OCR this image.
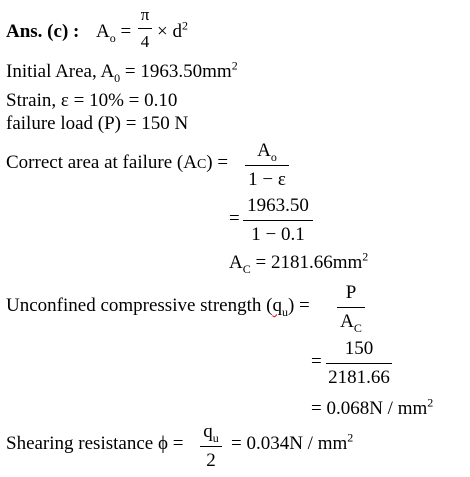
Ans. (c) : $A_o$ =
π
$4 \times d^2$
Initial Area, $A_0 = 1963.50mm^2$
Strain, ε = 10% = 0.10
failure load (P) = 150 N
Correct area at failure (AC) =
$A_o$
1 − ε
=
1963.50
1 − 0.1
$A_C = 2181.66mm^2$
Unconfined compressive strength $(q_u)$ =
P
$A_C$
=
150
2181.66
= $0.068N / mm^2$
Shearing resistance ϕ =
$q_u$
2
= $0.034N / mm^2$
